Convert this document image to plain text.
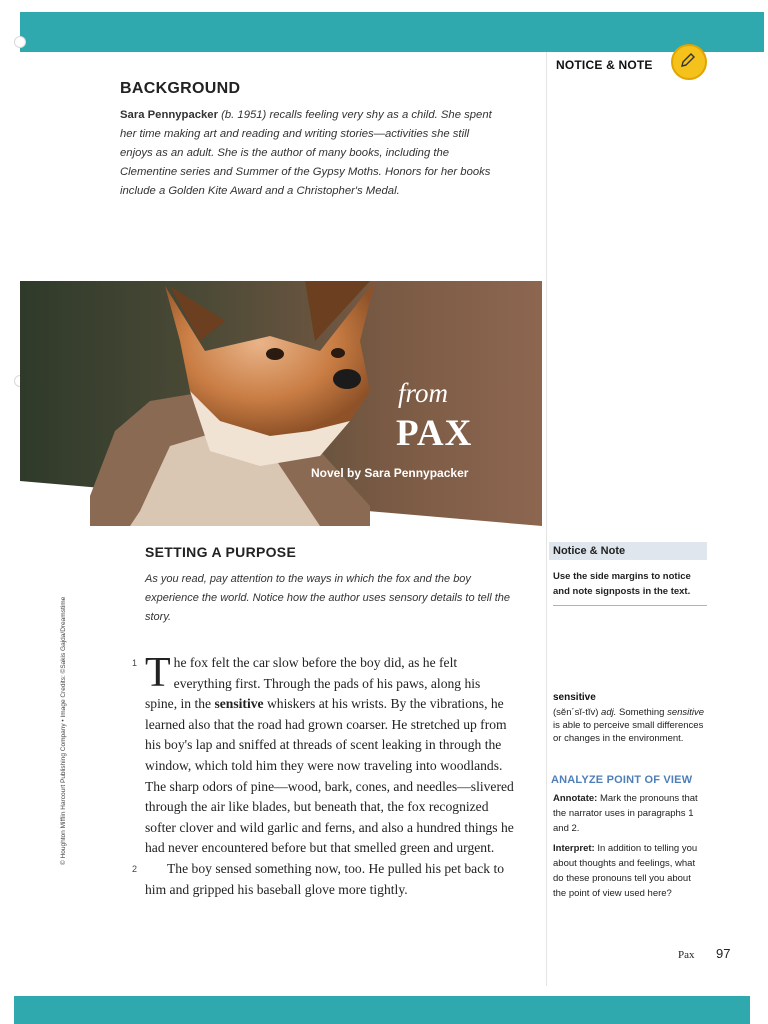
NOTICE & NOTE
BACKGROUND
Sara Pennypacker (b. 1951) recalls feeling very shy as a child. She spent her time making art and reading and writing stories—activities she still enjoys as an adult. She is the author of many books, including the Clementine series and Summer of the Gypsy Moths. Honors for her books include a Golden Kite Award and a Christopher's Medal.
from
PAX
Novel by Sara Pennypacker
SETTING A PURPOSE
As you read, pay attention to the ways in which the fox and the boy experience the world. Notice how the author uses sensory details to tell the story.
© Houghton Mifflin Harcourt Publishing Company • Image Credits: ©Sakis Gajda/Dreamstime	1 T he fox felt the car slow before the boy did, as he felt everything first. Through the pads of his paws, along his spine, in the sensitive whiskers at his wrists. By the vibrations, he learned also that the road had grown coarser. He stretched up from his boy's lap and sniffed at threads of scent leaking in through the window, which told him they were now traveling into woodlands. The sharp odors of pine—wood, bark, cones, and needles—slivered through the air like blades, but beneath that, the fox recognized softer clover and wild garlic and ferns, and also a hundred things he had never encountered before but that smelled green and urgent.

2 The boy sensed something now, too. He pulled his pet back to him and gripped his baseball glove more tightly.

Notice & Note
Use the side margins to notice and note signposts in the text.
sensitive
(sĕn´sĭ-tĭv) adj. Something sensitive is able to perceive small differences or changes in the environment.
ANALYZE POINT OF VIEW
Annotate: Mark the pronouns that the narrator uses in paragraphs 1 and 2.
Interpret: In addition to telling you about thoughts and feelings, what do these pronouns tell you about the point of view used here?
Pax 97
